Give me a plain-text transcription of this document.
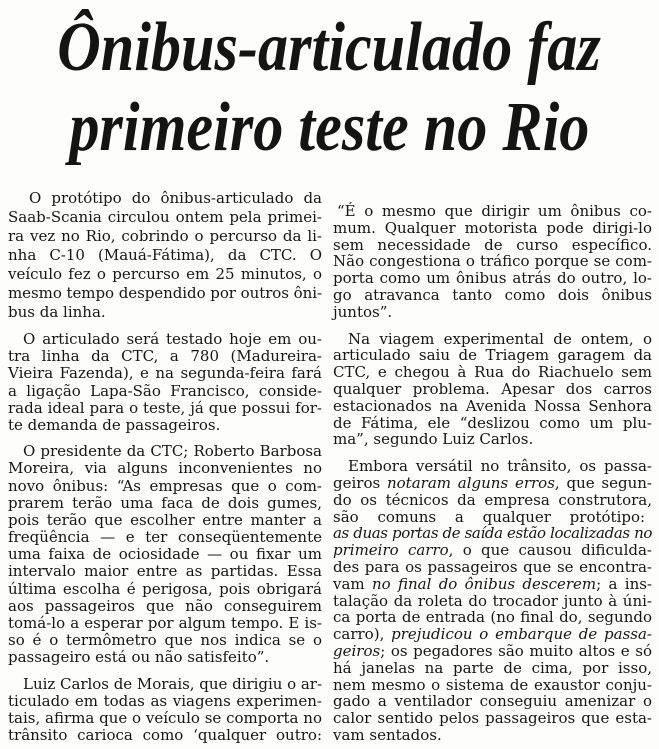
Ônibus-articulado faz
primeiro teste no Rio
O protótipo do ônibus-articulado da
Saab-Scania circulou ontem pela primei-
ra vez no Rio, cobrindo o percurso da li-
nha C-10 (Mauá-Fátima), da CTC. O
veículo fez o percurso em 25 minutos, o
mesmo tempo despendido por outros ôni-
bus da linha.
O articulado será testado hoje em ou-
tra linha da CTC, a 780 (Madureira-
Vieira Fazenda), e na segunda-feira fará
a ligação Lapa-São Francisco, conside-
rada ideal para o teste, já que possui for-
te demanda de passageiros.
O presidente da CTC; Roberto Barbosa
Moreira, via alguns inconvenientes no
novo ônibus: “As empresas que o com-
prarem terão uma faca de dois gumes,
pois terão que escolher entre manter a
freqüência — e ter conseqüentemente
uma faixa de ociosidade — ou fixar um
intervalo maior entre as partidas. Essa
última escolha é perigosa, pois obrigará
aos passageiros que não conseguirem
tomá-lo a esperar por algum tempo. E is-
so é o termômetro que nos indica se o
passageiro está ou não satisfeito”.
Luiz Carlos de Morais, que dirigiu o ar-
ticulado em todas as viagens experimen-
tais, afirma que o veículo se comporta no
trânsito carioca como ‘qualquer outro:
“É o mesmo que dirigir um ônibus co-
mum. Qualquer motorista pode dirigi-lo
sem necessidade de curso específico.
Não congestiona o tráfico porque se com-
porta como um ônibus atrás do outro, lo-
go atravanca tanto como dois ônibus
juntos”.
Na viagem experimental de ontem, o
articulado saiu de Triagem garagem da
CTC, e chegou à Rua do Riachuelo sem
qualquer problema. Apesar dos carros
estacionados na Avenida Nossa Senhora
de Fátima, ele “deslizou como um plu-
ma”, segundo Luiz Carlos.
Embora versátil no trânsito, os passa-
geiros notaram alguns erros, que segun-
do os técnicos da empresa construtora,
são comuns a qualquer protótipo:
as duas portas de saída estão localizadas no
primeiro carro, o que causou dificulda-
des para os passageiros que se encontra-
vam no final do ônibus descerem; a ins-
talação da roleta do trocador junto à úni-
ca porta de entrada (no final do, segundo
carro), prejudicou o embarque de passa-
geiros; os pegadores são muito altos e só
há janelas na parte de cima, por isso,
nem mesmo o sistema de exaustor conju-
gado a ventilador conseguiu amenizar o
calor sentido pelos passageiros que esta-
vam sentados.
